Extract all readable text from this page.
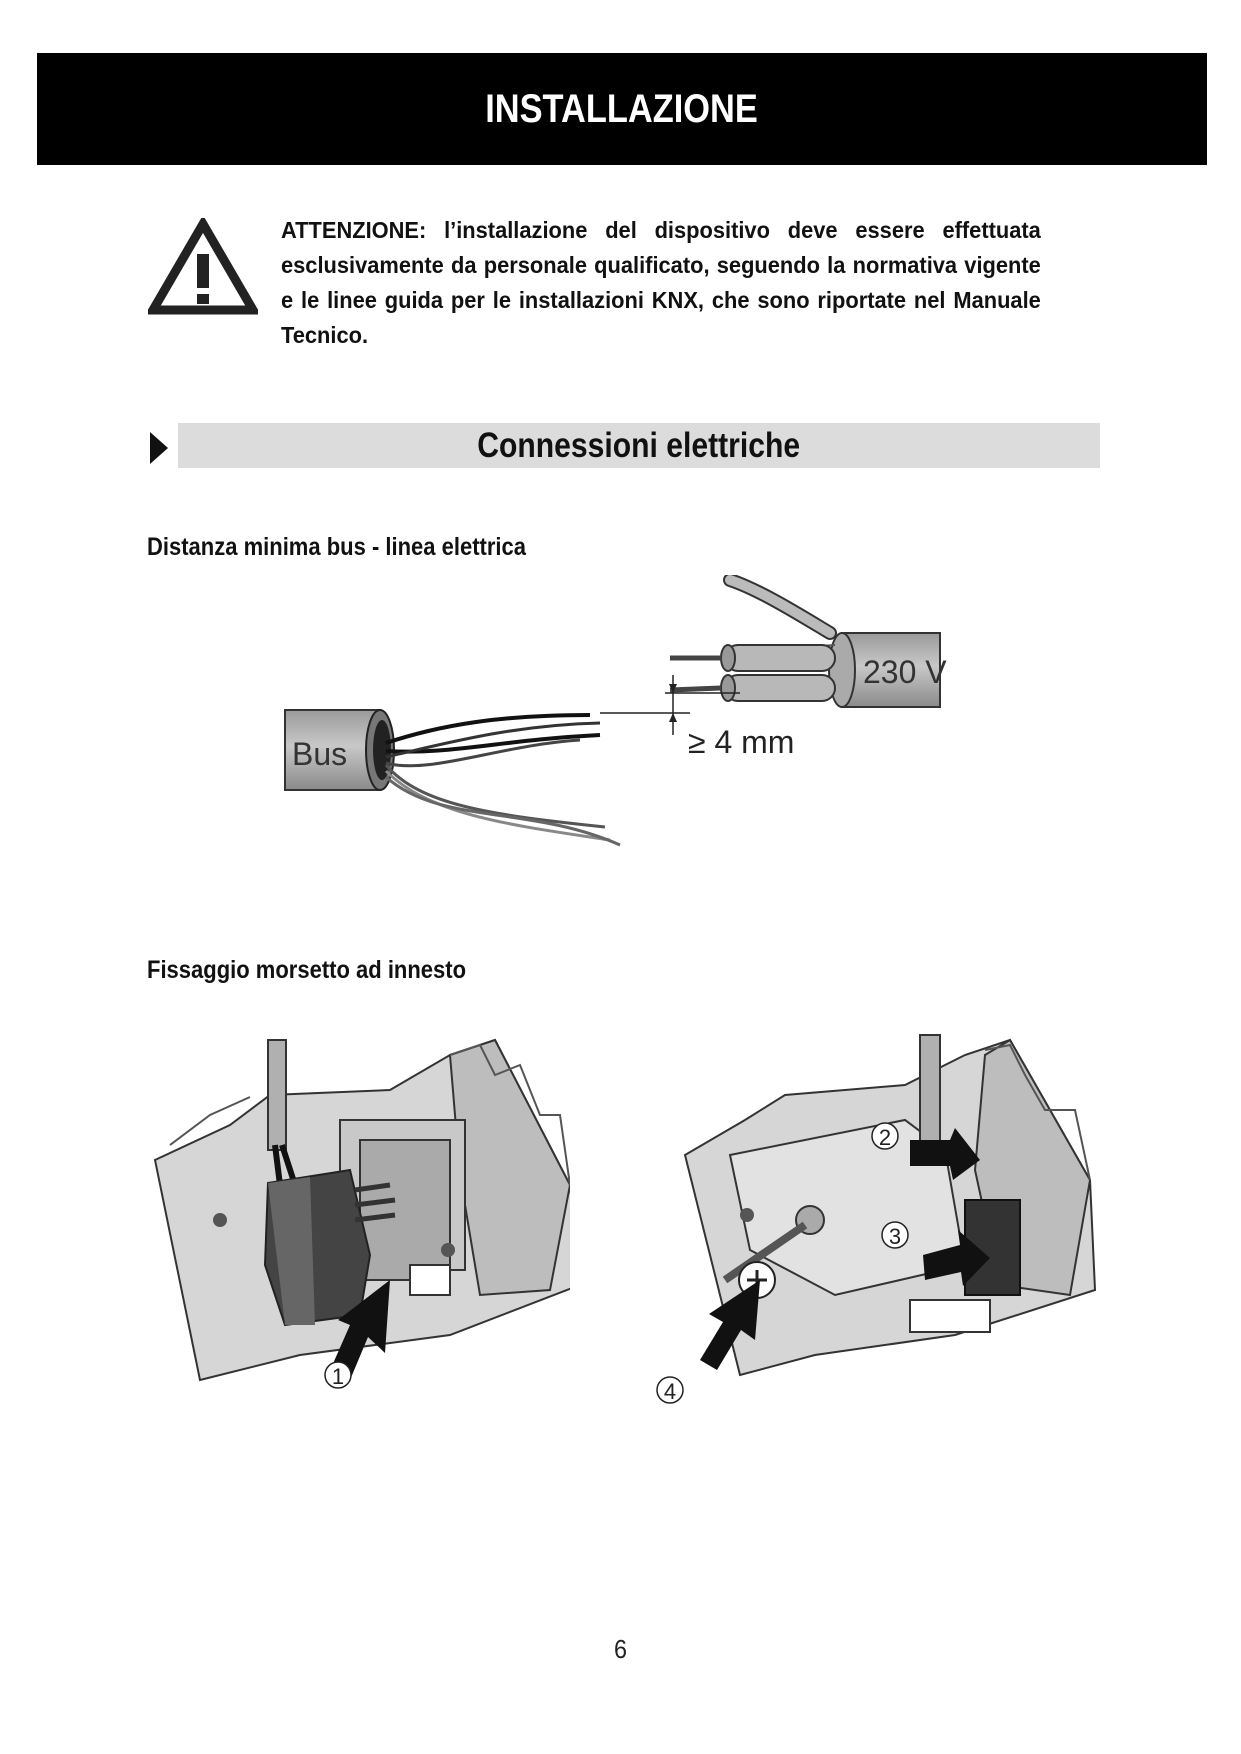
INSTALLAZIONE
ATTENZIONE: l’installazione del dispositivo deve essere effettuata esclusivamente da personale qualificato, seguendo la normativa vigente e le linee guida per le installazioni KNX, che sono riportate nel Manuale Tecnico.
Connessioni elettriche
Distanza minima bus - linea elettrica
Bus
230 V
≥ 4 mm
Fissaggio morsetto ad innesto
1
2
3
4
6
